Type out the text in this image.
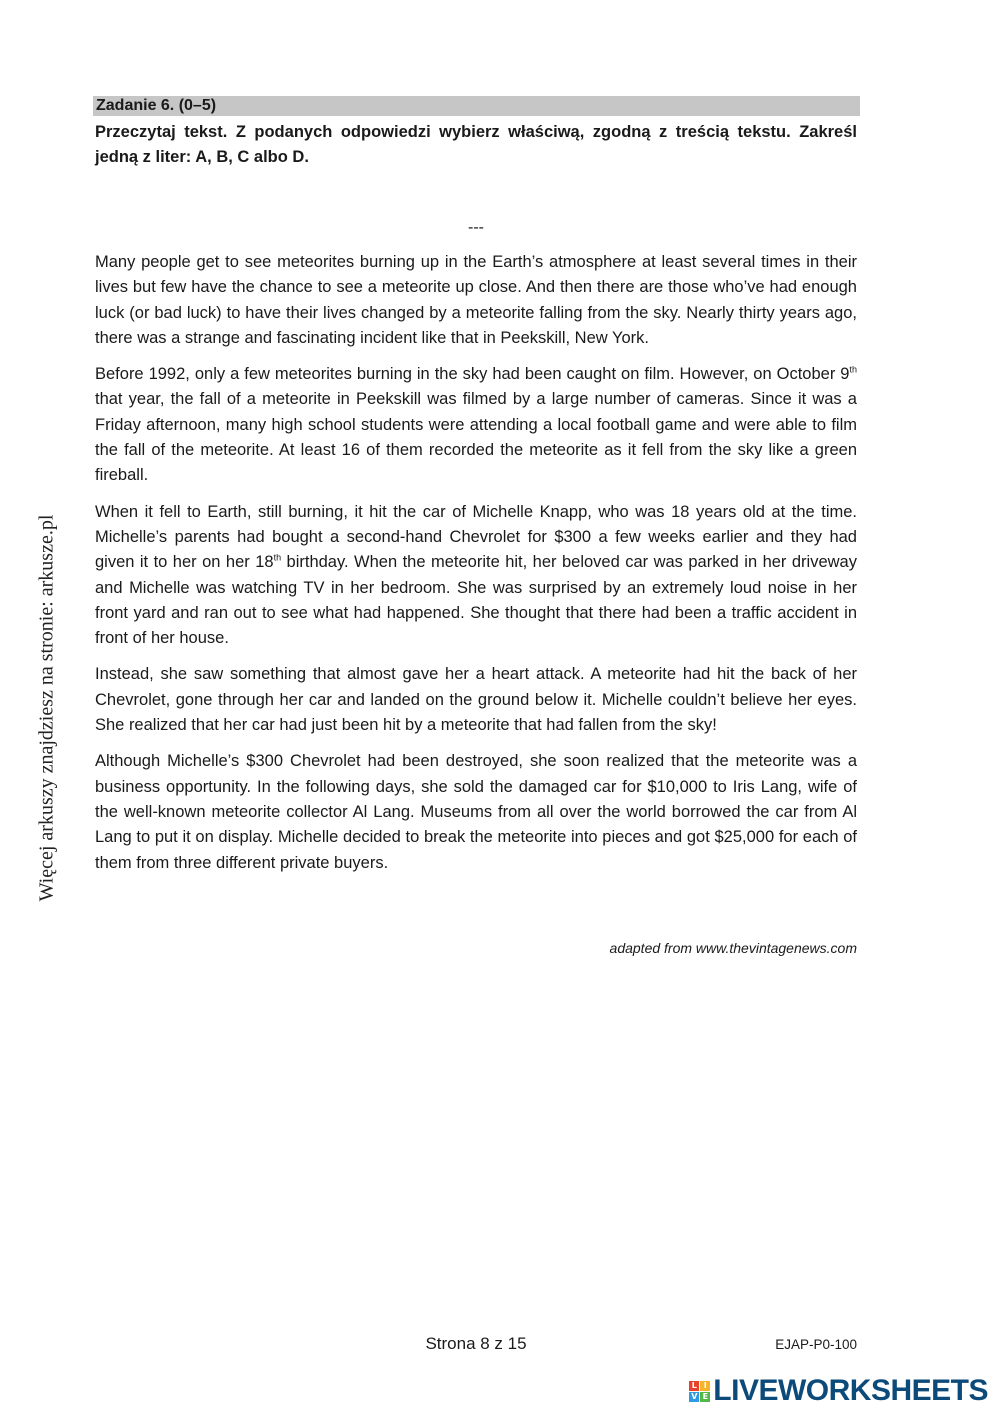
Zadanie 6. (0–5)
Przeczytaj tekst. Z podanych odpowiedzi wybierz właściwą, zgodną z treścią tekstu. Zakreśl jedną z liter: A, B, C albo D.
---

Many people get to see meteorites burning up in the Earth’s atmosphere at least several times in their lives but few have the chance to see a meteorite up close. And then there are those who’ve had enough luck (or bad luck) to have their lives changed by a meteorite falling from the sky. Nearly thirty years ago, there was a strange and fascinating incident like that in Peekskill, New York.

Before 1992, only a few meteorites burning in the sky had been caught on film. However, on October 9th that year, the fall of a meteorite in Peekskill was filmed by a large number of cameras. Since it was a Friday afternoon, many high school students were attending a local football game and were able to film the fall of the meteorite. At least 16 of them recorded the meteorite as it fell from the sky like a green fireball.

When it fell to Earth, still burning, it hit the car of Michelle Knapp, who was 18 years old at the time. Michelle’s parents had bought a second-hand Chevrolet for $300 a few weeks earlier and they had given it to her on her 18th birthday. When the meteorite hit, her beloved car was parked in her driveway and Michelle was watching TV in her bedroom. She was surprised by an extremely loud noise in her front yard and ran out to see what had happened. She thought that there had been a traffic accident in front of her house.

Instead, she saw something that almost gave her a heart attack. A meteorite had hit the back of her Chevrolet, gone through her car and landed on the ground below it. Michelle couldn’t believe her eyes. She realized that her car had just been hit by a meteorite that had fallen from the sky!

Although Michelle’s $300 Chevrolet had been destroyed, she soon realized that the meteorite was a business opportunity. In the following days, she sold the damaged car for $10,000 to Iris Lang, wife of the well-known meteorite collector Al Lang. Museums from all over the world borrowed the car from Al Lang to put it on display. Michelle decided to break the meteorite into pieces and got $25,000 for each of them from three different private buyers.

adapted from www.thevintagenews.com
Więcej arkuszy znajdziesz na stronie: arkusze.pl
Strona 8 z 15	EJAP-P0-100
L I
V E LIVEWORKSHEETS
